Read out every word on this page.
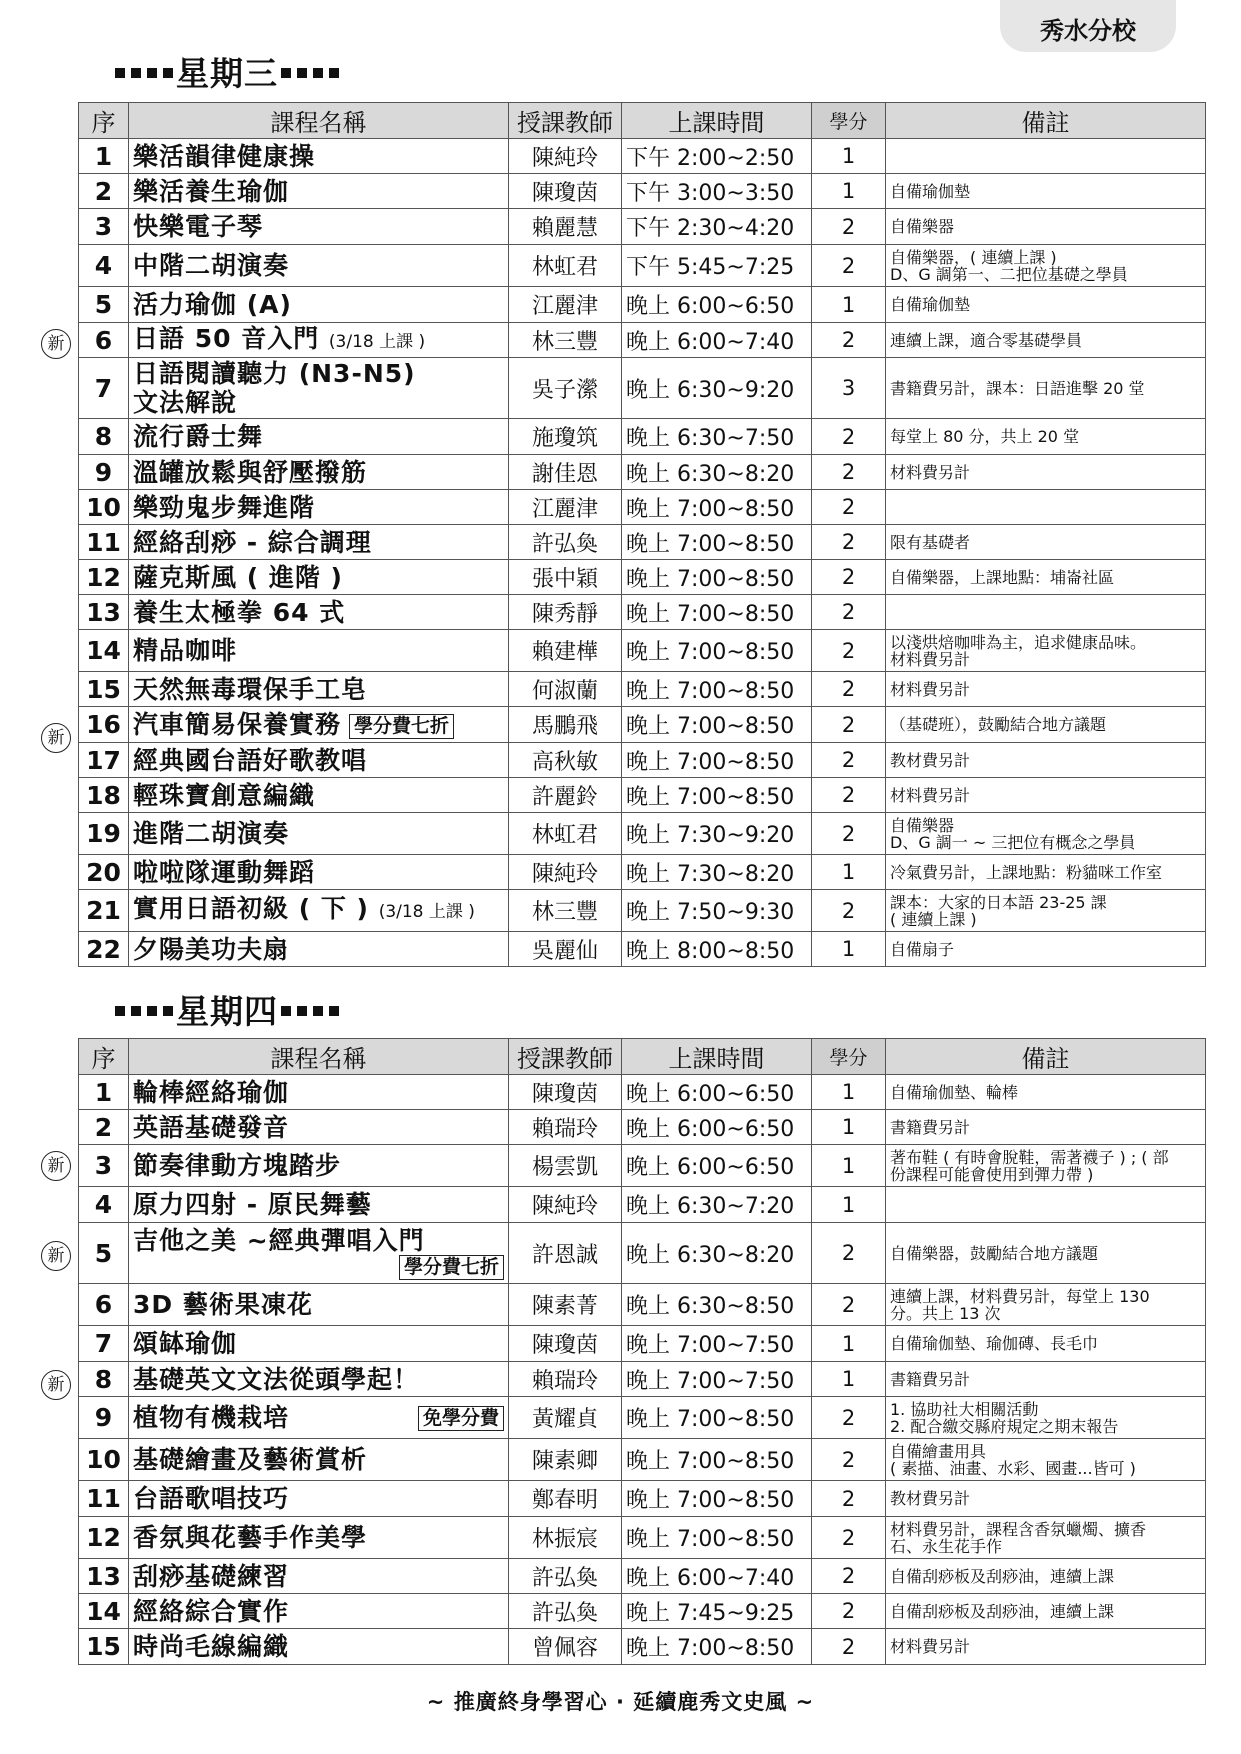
秀水分校
星期三
序	課程名稱	授課教師	上課時間	學分	備註
1	樂活韻律健康操	陳純玲	下午 2:00~2:50	1	
2	樂活養生瑜伽	陳瓊茵	下午 3:00~3:50	1	自備瑜伽墊
3	快樂電子琴	賴麗慧	下午 2:30~4:20	2	自備樂器
4	中階二胡演奏	林虹君	下午 5:45~7:25	2	自備樂器，( 連續上課 )
D、G 調第一、二把位基礎之學員
5	活力瑜伽 (A)	江麗津	晚上 6:00~6:50	1	自備瑜伽墊
6	日語 50 音入門 (3/18 上課 )	林三豐	晚上 6:00~7:40	2	連續上課，適合零基礎學員
7	日語閱讀聽力 (N3-N5)
文法解說	吳子瀠	晚上 6:30~9:20	3	書籍費另計，課本：日語進擊 20 堂
8	流行爵士舞	施瓊筑	晚上 6:30~7:50	2	每堂上 80 分，共上 20 堂
9	溫罐放鬆與舒壓撥筋	謝佳恩	晚上 6:30~8:20	2	材料費另計
10	樂勁鬼步舞進階	江麗津	晚上 7:00~8:50	2	
11	經絡刮痧 - 綜合調理	許弘奐	晚上 7:00~8:50	2	限有基礎者
12	薩克斯風 ( 進階 )	張中穎	晚上 7:00~8:50	2	自備樂器，上課地點：埔崙社區
13	養生太極拳 64 式	陳秀靜	晚上 7:00~8:50	2	
14	精品咖啡	賴建樺	晚上 7:00~8:50	2	以淺烘焙咖啡為主，追求健康品味。
材料費另計
15	天然無毒環保手工皂	何淑蘭	晚上 7:00~8:50	2	材料費另計
16	汽車簡易保養實務 學分費七折	馬鵬飛	晚上 7:00~8:50	2	（基礎班），鼓勵結合地方議題
17	經典國台語好歌教唱	高秋敏	晚上 7:00~8:50	2	教材費另計
18	輕珠寶創意編織	許麗鈴	晚上 7:00~8:50	2	材料費另計
19	進階二胡演奏	林虹君	晚上 7:30~9:20	2	自備樂器
D、G 調一 ~ 三把位有概念之學員
20	啦啦隊運動舞蹈	陳純玲	晚上 7:30~8:20	1	冷氣費另計，上課地點：粉貓咪工作室
21	實用日語初級 ( 下 ) (3/18 上課 )	林三豐	晚上 7:50~9:30	2	課本：大家的日本語 23-25 課
( 連續上課 )
22	夕陽美功夫扇	吳麗仙	晚上 8:00~8:50	1	自備扇子
星期四
序	課程名稱	授課教師	上課時間	學分	備註
1	輪棒經絡瑜伽	陳瓊茵	晚上 6:00~6:50	1	自備瑜伽墊、輪棒
2	英語基礎發音	賴瑞玲	晚上 6:00~6:50	1	書籍費另計
3	節奏律動方塊踏步	楊雲凱	晚上 6:00~6:50	1	著布鞋 ( 有時會脫鞋，需著襪子 ) ; ( 部
份課程可能會使用到彈力帶 )
4	原力四射 - 原民舞藝	陳純玲	晚上 6:30~7:20	1	
5	吉他之美 ~經典彈唱入門

學分費七折	許恩誠	晚上 6:30~8:20	2	自備樂器，鼓勵結合地方議題
6	3D 藝術果凍花	陳素菁	晚上 6:30~8:50	2	連續上課，材料費另計，每堂上 130
分。共上 13 次
7	頌缽瑜伽	陳瓊茵	晚上 7:00~7:50	1	自備瑜伽墊、瑜伽磚、長毛巾
8	基礎英文文法從頭學起！	賴瑞玲	晚上 7:00~7:50	1	書籍費另計
9	免學分費
植物有機栽培	黃耀貞	晚上 7:00~8:50	2	1. 協助社大相關活動
2. 配合繳交縣府規定之期末報告
10	基礎繪畫及藝術賞析	陳素卿	晚上 7:00~8:50	2	自備繪畫用具
( 素描、油畫、水彩、國畫...皆可 )
11	台語歌唱技巧	鄭春明	晚上 7:00~8:50	2	教材費另計
12	香氛與花藝手作美學	林振宸	晚上 7:00~8:50	2	材料費另計，課程含香氛蠟燭、擴香
石、永生花手作
13	刮痧基礎練習	許弘奐	晚上 6:00~7:40	2	自備刮痧板及刮痧油，連續上課
14	經絡綜合實作	許弘奐	晚上 7:45~9:25	2	自備刮痧板及刮痧油，連續上課
15	時尚毛線編織	曾佩容	晚上 7:00~8:50	2	材料費另計
~ 推廣終身學習心 · 延續鹿秀文史風 ~
新
新
新
新
新
